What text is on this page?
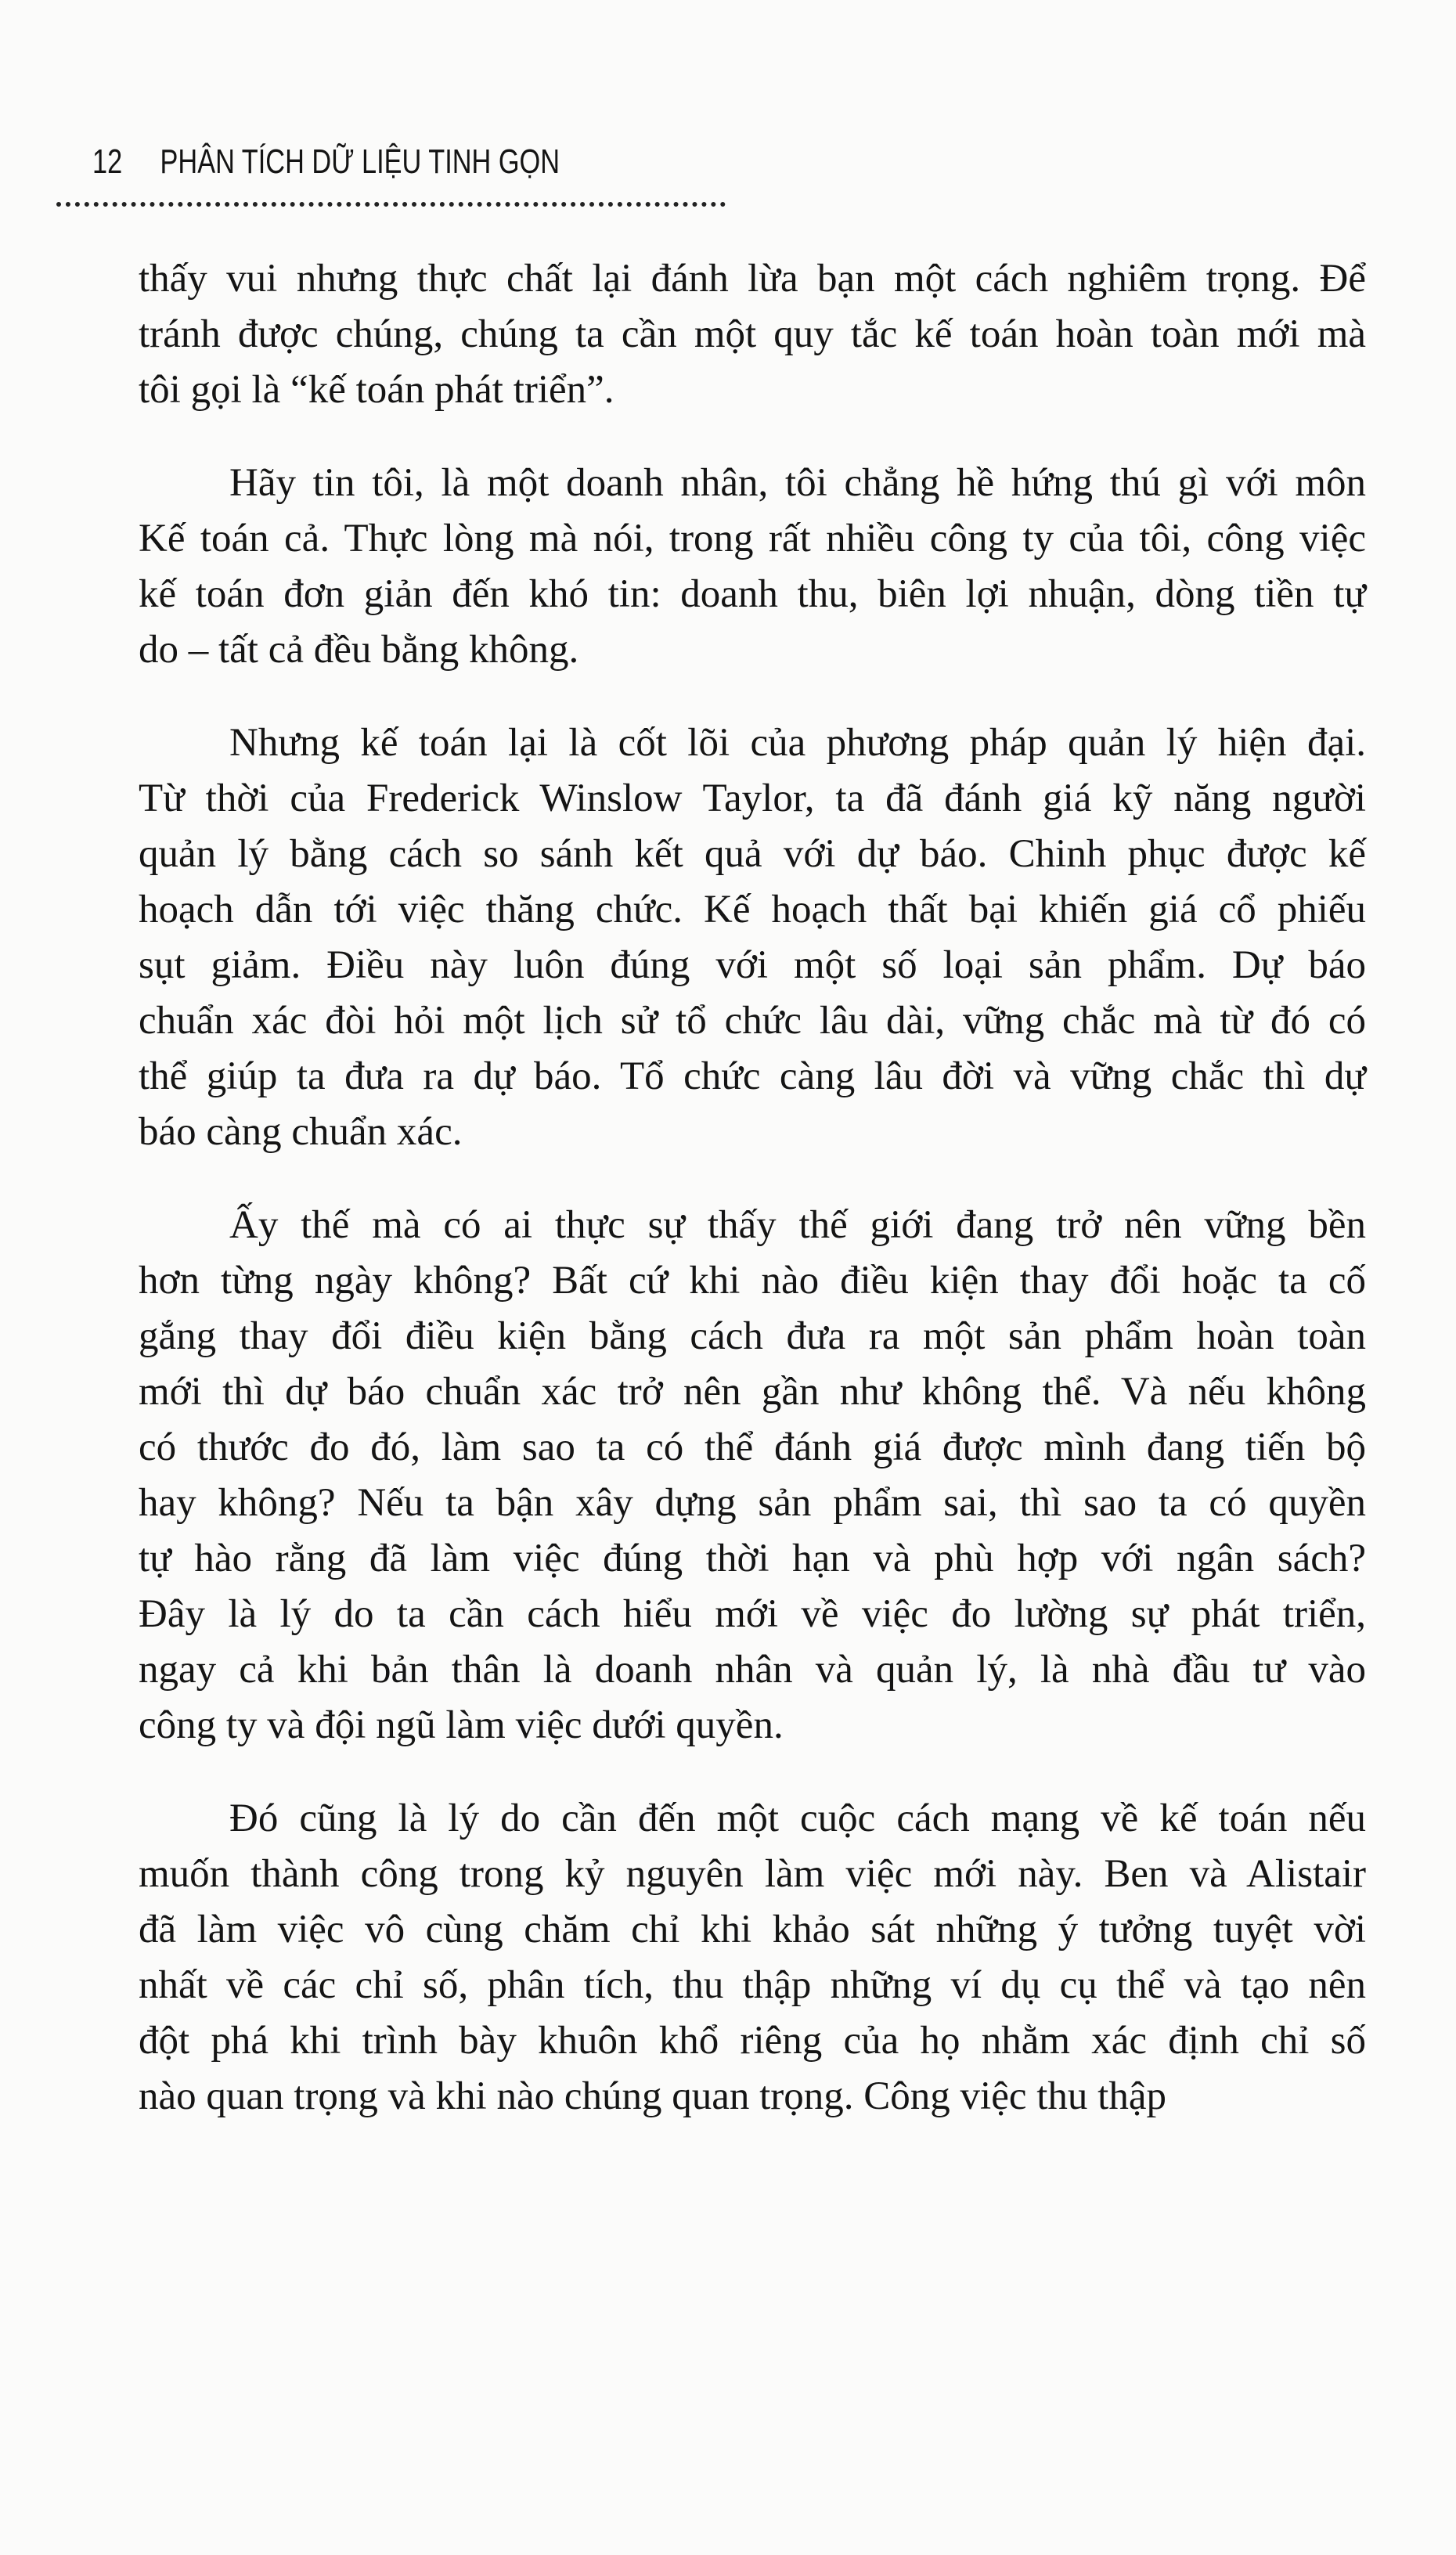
12 PHÂN TÍCH DỮ LIỆU TINH GỌN
thấy vui nhưng thực chất lại đánh lừa bạn một cách nghiêm trọng. Để
tránh được chúng, chúng ta cần một quy tắc kế toán hoàn toàn mới mà
tôi gọi là “kế toán phát triển”.
Hãy tin tôi, là một doanh nhân, tôi chẳng hề hứng thú gì với môn
Kế toán cả. Thực lòng mà nói, trong rất nhiều công ty của tôi, công việc
kế toán đơn giản đến khó tin: doanh thu, biên lợi nhuận, dòng tiền tự
do – tất cả đều bằng không.
Nhưng kế toán lại là cốt lõi của phương pháp quản lý hiện đại.
Từ thời của Frederick Winslow Taylor, ta đã đánh giá kỹ năng người
quản lý bằng cách so sánh kết quả với dự báo. Chinh phục được kế
hoạch dẫn tới việc thăng chức. Kế hoạch thất bại khiến giá cổ phiếu
sụt giảm. Điều này luôn đúng với một số loại sản phẩm. Dự báo
chuẩn xác đòi hỏi một lịch sử tổ chức lâu dài, vững chắc mà từ đó có
thể giúp ta đưa ra dự báo. Tổ chức càng lâu đời và vững chắc thì dự
báo càng chuẩn xác.
Ấy thế mà có ai thực sự thấy thế giới đang trở nên vững bền
hơn từng ngày không? Bất cứ khi nào điều kiện thay đổi hoặc ta cố
gắng thay đổi điều kiện bằng cách đưa ra một sản phẩm hoàn toàn
mới thì dự báo chuẩn xác trở nên gần như không thể. Và nếu không
có thước đo đó, làm sao ta có thể đánh giá được mình đang tiến bộ
hay không? Nếu ta bận xây dựng sản phẩm sai, thì sao ta có quyền
tự hào rằng đã làm việc đúng thời hạn và phù hợp với ngân sách?
Đây là lý do ta cần cách hiểu mới về việc đo lường sự phát triển,
ngay cả khi bản thân là doanh nhân và quản lý, là nhà đầu tư vào
công ty và đội ngũ làm việc dưới quyền.
Đó cũng là lý do cần đến một cuộc cách mạng về kế toán nếu
muốn thành công trong kỷ nguyên làm việc mới này. Ben và Alistair
đã làm việc vô cùng chăm chỉ khi khảo sát những ý tưởng tuyệt vời
nhất về các chỉ số, phân tích, thu thập những ví dụ cụ thể và tạo nên
đột phá khi trình bày khuôn khổ riêng của họ nhằm xác định chỉ số
nào quan trọng và khi nào chúng quan trọng. Công việc thu thập
